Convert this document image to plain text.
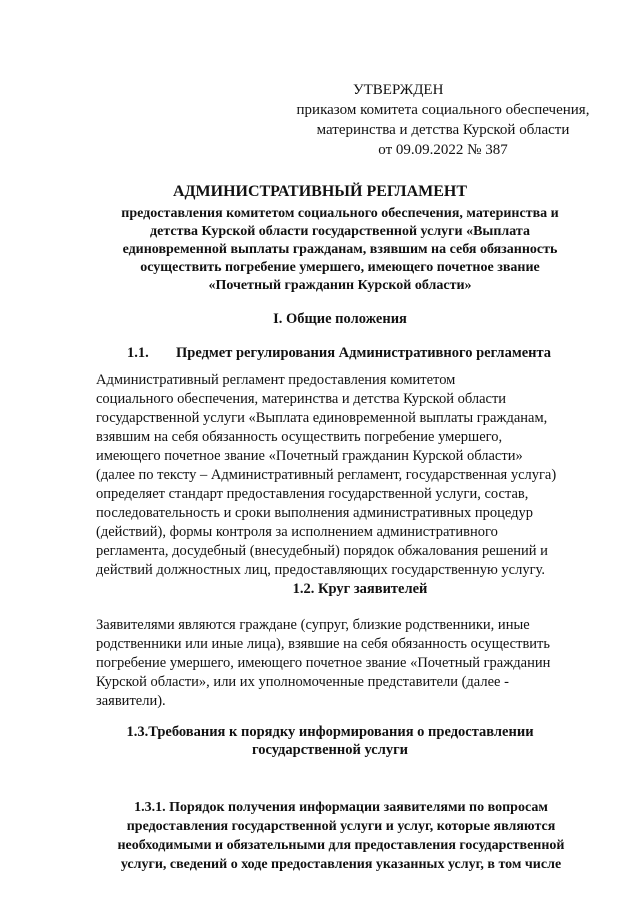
УТВЕРЖДЕН
приказом комитета социального обеспечения,
материнства и детства Курской области
от 09.09.2022 № 387
АДМИНИСТРАТИВНЫЙ РЕГЛАМЕНТ
предоставления комитетом социального обеспечения, материнства и
детства Курской области государственной услуги «Выплата
единовременной выплаты гражданам, взявшим на себя обязанность
осуществить погребение умершего, имеющего почетное звание
«Почетный гражданин Курской области»
I. Общие положения
1.1. Предмет регулирования Административного регламента
Административный регламент предоставления комитетом
социального обеспечения, материнства и детства Курской области
государственной услуги «Выплата единовременной выплаты гражданам,
взявшим на себя обязанность осуществить погребение умершего,
имеющего почетное звание «Почетный гражданин Курской области»
(далее по тексту – Административный регламент, государственная услуга)
определяет стандарт предоставления государственной услуги, состав,
последовательность и сроки выполнения административных процедур
(действий), формы контроля за исполнением административного
регламента, досудебный (внесудебный) порядок обжалования решений и
действий должностных лиц, предоставляющих государственную услугу.
1.2. Круг заявителей
Заявителями являются граждане (супруг, близкие родственники, иные
родственники или иные лица), взявшие на себя обязанность осуществить
погребение умершего, имеющего почетное звание «Почетный гражданин
Курской области», или их уполномоченные представители (далее -
заявители).
1.3.Требования к порядку информирования о предоставлении
государственной услуги
1.3.1. Порядок получения информации заявителями по вопросам
предоставления государственной услуги и услуг, которые являются
необходимыми и обязательными для предоставления государственной
услуги, сведений о ходе предоставления указанных услуг, в том числе
